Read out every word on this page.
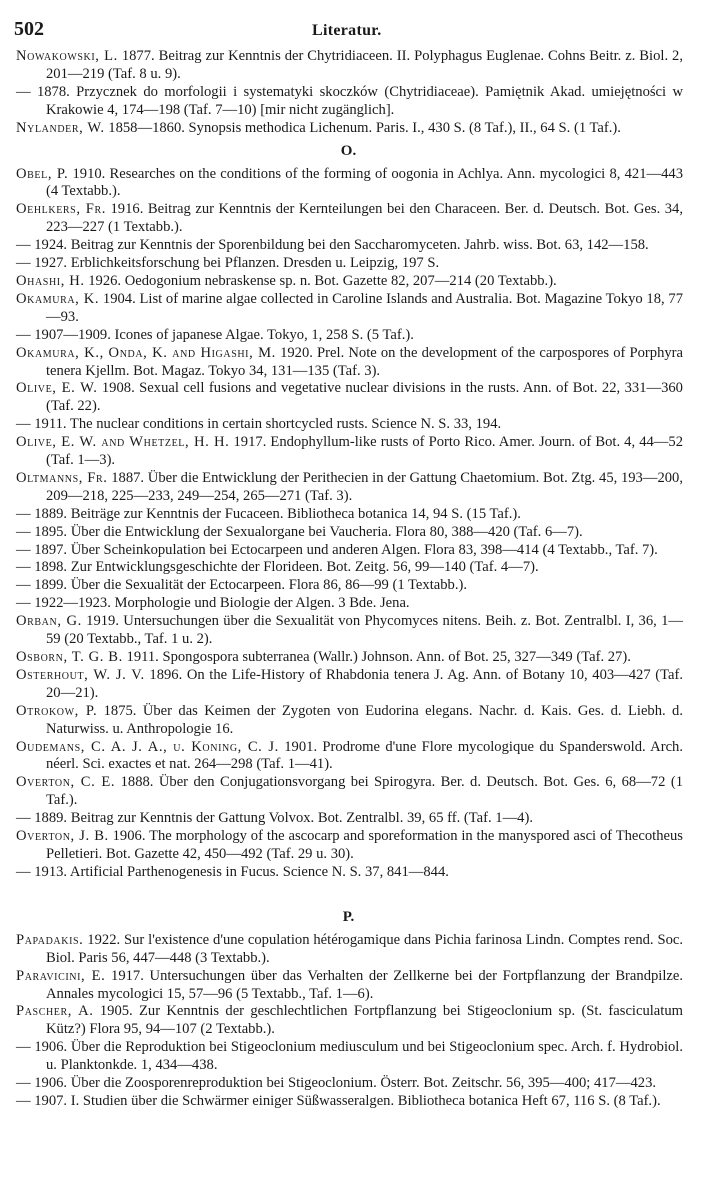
502	Literatur.

Nowakowski, L. 1877. Beitrag zur Kenntnis der Chytridiaceen. II. Polyphagus Euglenae. Cohns Beitr. z. Biol. 2, 201—219 (Taf. 8 u. 9).

— 1878. Przycznek do morfologii i systematyki skoczków (Chytridiaceae). Pamiętnik Akad. umiejętności w Krakowie 4, 174—198 (Taf. 7—10) [mir nicht zugänglich].

Nylander, W. 1858—1860. Synopsis methodica Lichenum. Paris. I., 430 S. (8 Taf.), II., 64 S. (1 Taf.).

O.

Obel, P. 1910. Researches on the conditions of the forming of oogonia in Achlya. Ann. mycologici 8, 421—443 (4 Textabb.).

Oehlkers, Fr. 1916. Beitrag zur Kenntnis der Kernteilungen bei den Characeen. Ber. d. Deutsch. Bot. Ges. 34, 223—227 (1 Textabb.).

— 1924. Beitrag zur Kenntnis der Sporenbildung bei den Saccharomyceten. Jahrb. wiss. Bot. 63, 142—158.

— 1927. Erblichkeitsforschung bei Pflanzen. Dresden u. Leipzig, 197 S.

Ohashi, H. 1926. Oedogonium nebraskense sp. n. Bot. Gazette 82, 207—214 (20 Textabb.).

Okamura, K. 1904. List of marine algae collected in Caroline Islands and Australia. Bot. Magazine Tokyo 18, 77—93.

— 1907—1909. Icones of japanese Algae. Tokyo, 1, 258 S. (5 Taf.).

Okamura, K., Onda, K. and Higashi, M. 1920. Prel. Note on the development of the carpospores of Porphyra tenera Kjellm. Bot. Magaz. Tokyo 34, 131—135 (Taf. 3).

Olive, E. W. 1908. Sexual cell fusions and vegetative nuclear divisions in the rusts. Ann. of Bot. 22, 331—360 (Taf. 22).

— 1911. The nuclear conditions in certain shortcycled rusts. Science N. S. 33, 194.

Olive, E. W. and Whetzel, H. H. 1917. Endophyllum-like rusts of Porto Rico. Amer. Journ. of Bot. 4, 44—52 (Taf. 1—3).

Oltmanns, Fr. 1887. Über die Entwicklung der Perithecien in der Gattung Chaetomium. Bot. Ztg. 45, 193—200, 209—218, 225—233, 249—254, 265—271 (Taf. 3).

— 1889. Beiträge zur Kenntnis der Fucaceen. Bibliotheca botanica 14, 94 S. (15 Taf.).

— 1895. Über die Entwicklung der Sexualorgane bei Vaucheria. Flora 80, 388—420 (Taf. 6—7).

— 1897. Über Scheinkopulation bei Ectocarpeen und anderen Algen. Flora 83, 398—414 (4 Textabb., Taf. 7).

— 1898. Zur Entwicklungsgeschichte der Florideen. Bot. Zeitg. 56, 99—140 (Taf. 4—7).

— 1899. Über die Sexualität der Ectocarpeen. Flora 86, 86—99 (1 Textabb.).

— 1922—1923. Morphologie und Biologie der Algen. 3 Bde. Jena.

Orban, G. 1919. Untersuchungen über die Sexualität von Phycomyces nitens. Beih. z. Bot. Zentralbl. I, 36, 1—59 (20 Textabb., Taf. 1 u. 2).

Osborn, T. G. B. 1911. Spongospora subterranea (Wallr.) Johnson. Ann. of Bot. 25, 327—349 (Taf. 27).

Osterhout, W. J. V. 1896. On the Life-History of Rhabdonia tenera J. Ag. Ann. of Botany 10, 403—427 (Taf. 20—21).

Otrokow, P. 1875. Über das Keimen der Zygoten von Eudorina elegans. Nachr. d. Kais. Ges. d. Liebh. d. Naturwiss. u. Anthropologie 16.

Oudemans, C. A. J. A., u. Koning, C. J. 1901. Prodrome d'une Flore mycologique du Spanderswold. Arch. néerl. Sci. exactes et nat. 264—298 (Taf. 1—41).

Overton, C. E. 1888. Über den Conjugationsvorgang bei Spirogyra. Ber. d. Deutsch. Bot. Ges. 6, 68—72 (1 Taf.).

— 1889. Beitrag zur Kenntnis der Gattung Volvox. Bot. Zentralbl. 39, 65 ff. (Taf. 1—4).

Overton, J. B. 1906. The morphology of the ascocarp and sporeformation in the manyspored asci of Thecotheus Pelletieri. Bot. Gazette 42, 450—492 (Taf. 29 u. 30).

— 1913. Artificial Parthenogenesis in Fucus. Science N. S. 37, 841—844.

P.

Papadakis. 1922. Sur l'existence d'une copulation hétérogamique dans Pichia farinosa Lindn. Comptes rend. Soc. Biol. Paris 56, 447—448 (3 Textabb.).

Paravicini, E. 1917. Untersuchungen über das Verhalten der Zellkerne bei der Fortpflanzung der Brandpilze. Annales mycologici 15, 57—96 (5 Textabb., Taf. 1—6).

Pascher, A. 1905. Zur Kenntnis der geschlechtlichen Fortpflanzung bei Stigeoclonium sp. (St. fasciculatum Kütz?) Flora 95, 94—107 (2 Textabb.).

— 1906. Über die Reproduktion bei Stigeoclonium mediusculum und bei Stigeoclonium spec. Arch. f. Hydrobiol. u. Planktonkde. 1, 434—438.

— 1906. Über die Zoosporenreproduktion bei Stigeoclonium. Österr. Bot. Zeitschr. 56, 395—400; 417—423.

— 1907. I. Studien über die Schwärmer einiger Süßwasseralgen. Bibliotheca botanica Heft 67, 116 S. (8 Taf.).
